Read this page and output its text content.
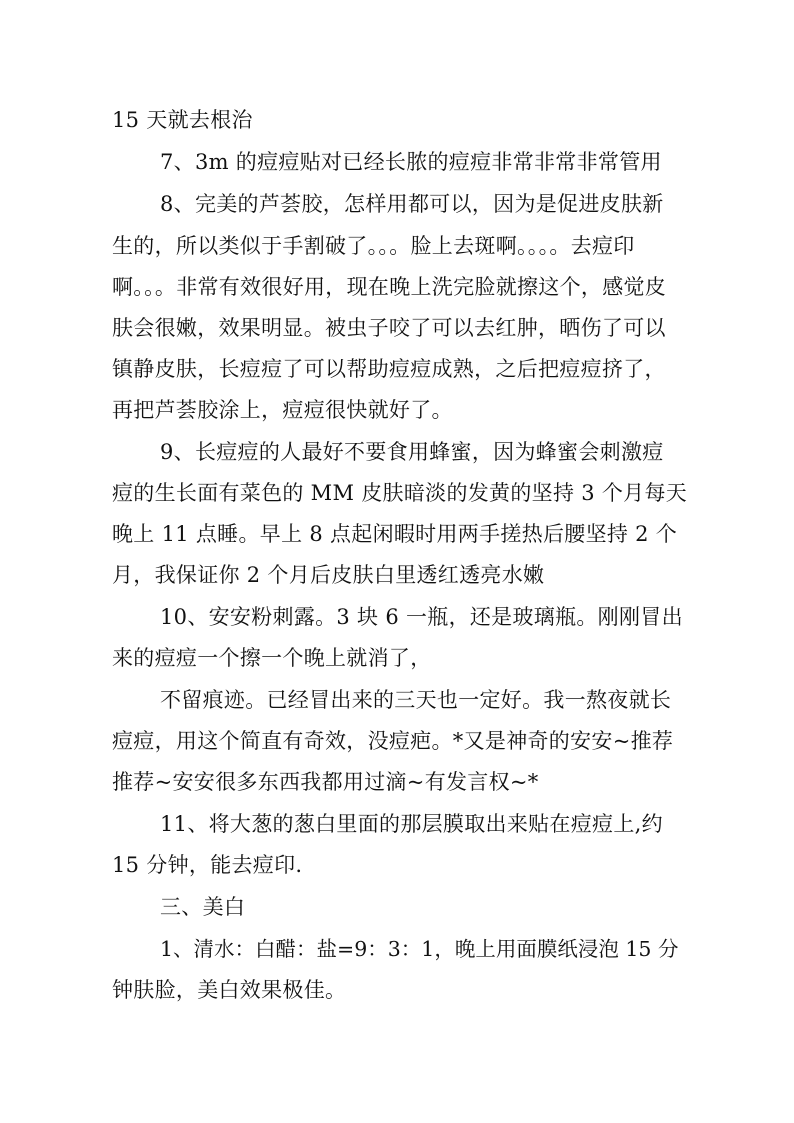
15 天就去根治
7、3m 的痘痘贴对已经长脓的痘痘非常非常非常管用
8、完美的芦荟胶，怎样用都可以，因为是促进皮肤新
生的，所以类似于手割破了。。。脸上去斑啊。。。。去痘印
啊。。。非常有效很好用，现在晚上洗完脸就擦这个，感觉皮
肤会很嫩，效果明显。被虫子咬了可以去红肿，晒伤了可以
镇静皮肤，长痘痘了可以帮助痘痘成熟，之后把痘痘挤了，
再把芦荟胶涂上，痘痘很快就好了。
9、长痘痘的人最好不要食用蜂蜜，因为蜂蜜会刺激痘
痘的生长面有菜色的 MM 皮肤暗淡的发黄的坚持 3 个月每天
晚上 11 点睡。早上 8 点起闲暇时用两手搓热后腰坚持 2 个
月，我保证你 2 个月后皮肤白里透红透亮水嫩
10、安安粉刺露。3 块 6 一瓶，还是玻璃瓶。刚刚冒出
来的痘痘一个擦一个晚上就消了，
不留痕迹。已经冒出来的三天也一定好。我一熬夜就长
痘痘，用这个简直有奇效，没痘疤。*又是神奇的安安~推荐
推荐~安安很多东西我都用过滴~有发言权~*
11、将大葱的葱白里面的那层膜取出来贴在痘痘上,约
15 分钟，能去痘印.
三、美白
1、清水：白醋：盐=9：3：1，晚上用面膜纸浸泡 15 分
钟肤脸，美白效果极佳。
